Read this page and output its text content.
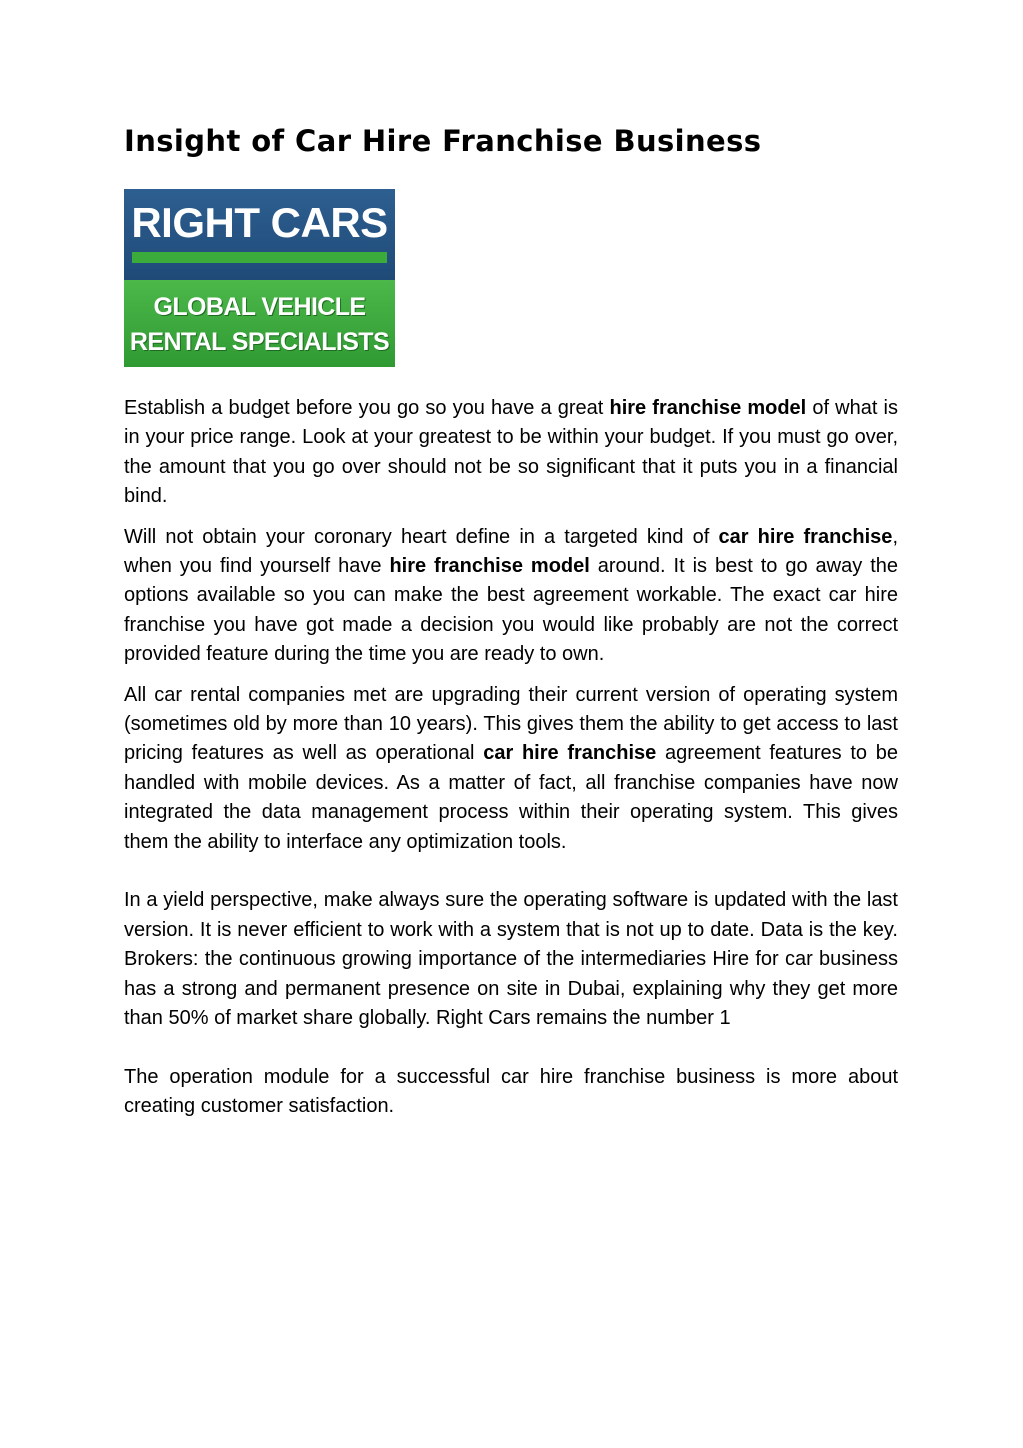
Insight of Car Hire Franchise Business
RIGHT CARS
GLOBAL VEHICLE
RENTAL SPECIALISTS

Establish a budget before you go so you have a great hire franchise model of what is in your price range. Look at your greatest to be within your budget. If you must go over, the amount that you go over should not be so significant that it puts you in a financial bind.

Will not obtain your coronary heart define in a targeted kind of car hire franchise, when you find yourself have hire franchise model around. It is best to go away the options available so you can make the best agreement workable. The exact car hire franchise you have got made a decision you would like probably are not the correct provided feature during the time you are ready to own.

All car rental companies met are upgrading their current version of operating system (sometimes old by more than 10 years). This gives them the ability to get access to last pricing features as well as operational car hire franchise agreement features to be handled with mobile devices. As a matter of fact, all franchise companies have now integrated the data management process within their operating system. This gives them the ability to interface any optimization tools.

In a yield perspective, make always sure the operating software is updated with the last version. It is never efficient to work with a system that is not up to date. Data is the key. Brokers: the continuous growing importance of the intermediaries Hire for car business has a strong and permanent presence on site in Dubai, explaining why they get more than 50% of market share globally. Right Cars remains the number 1

The operation module for a successful car hire franchise business is more about creating customer satisfaction.
